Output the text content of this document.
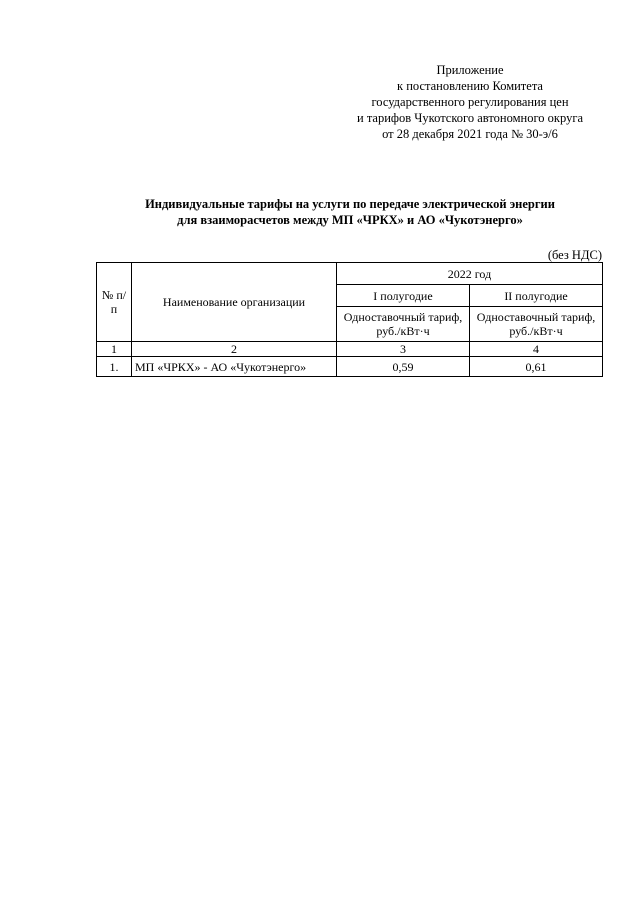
Приложение
к постановлению Комитета
государственного регулирования цен
и тарифов Чукотского автономного округа
от 28 декабря 2021 года № 30-э/6
Индивидуальные тарифы на услуги по передаче электрической энергии
для взаиморасчетов между МП «ЧРКХ» и АО «Чукотэнерго»
(без НДС)
№ п/п	Наименование организации	2022 год	
		I полугодие	II полугодие
		Одноставочный тариф, руб./кВт·ч	Одноставочный тариф, руб./кВт·ч
1	2	3	4
1.	МП «ЧРКХ» - АО «Чукотэнерго»	0,59	0,61
